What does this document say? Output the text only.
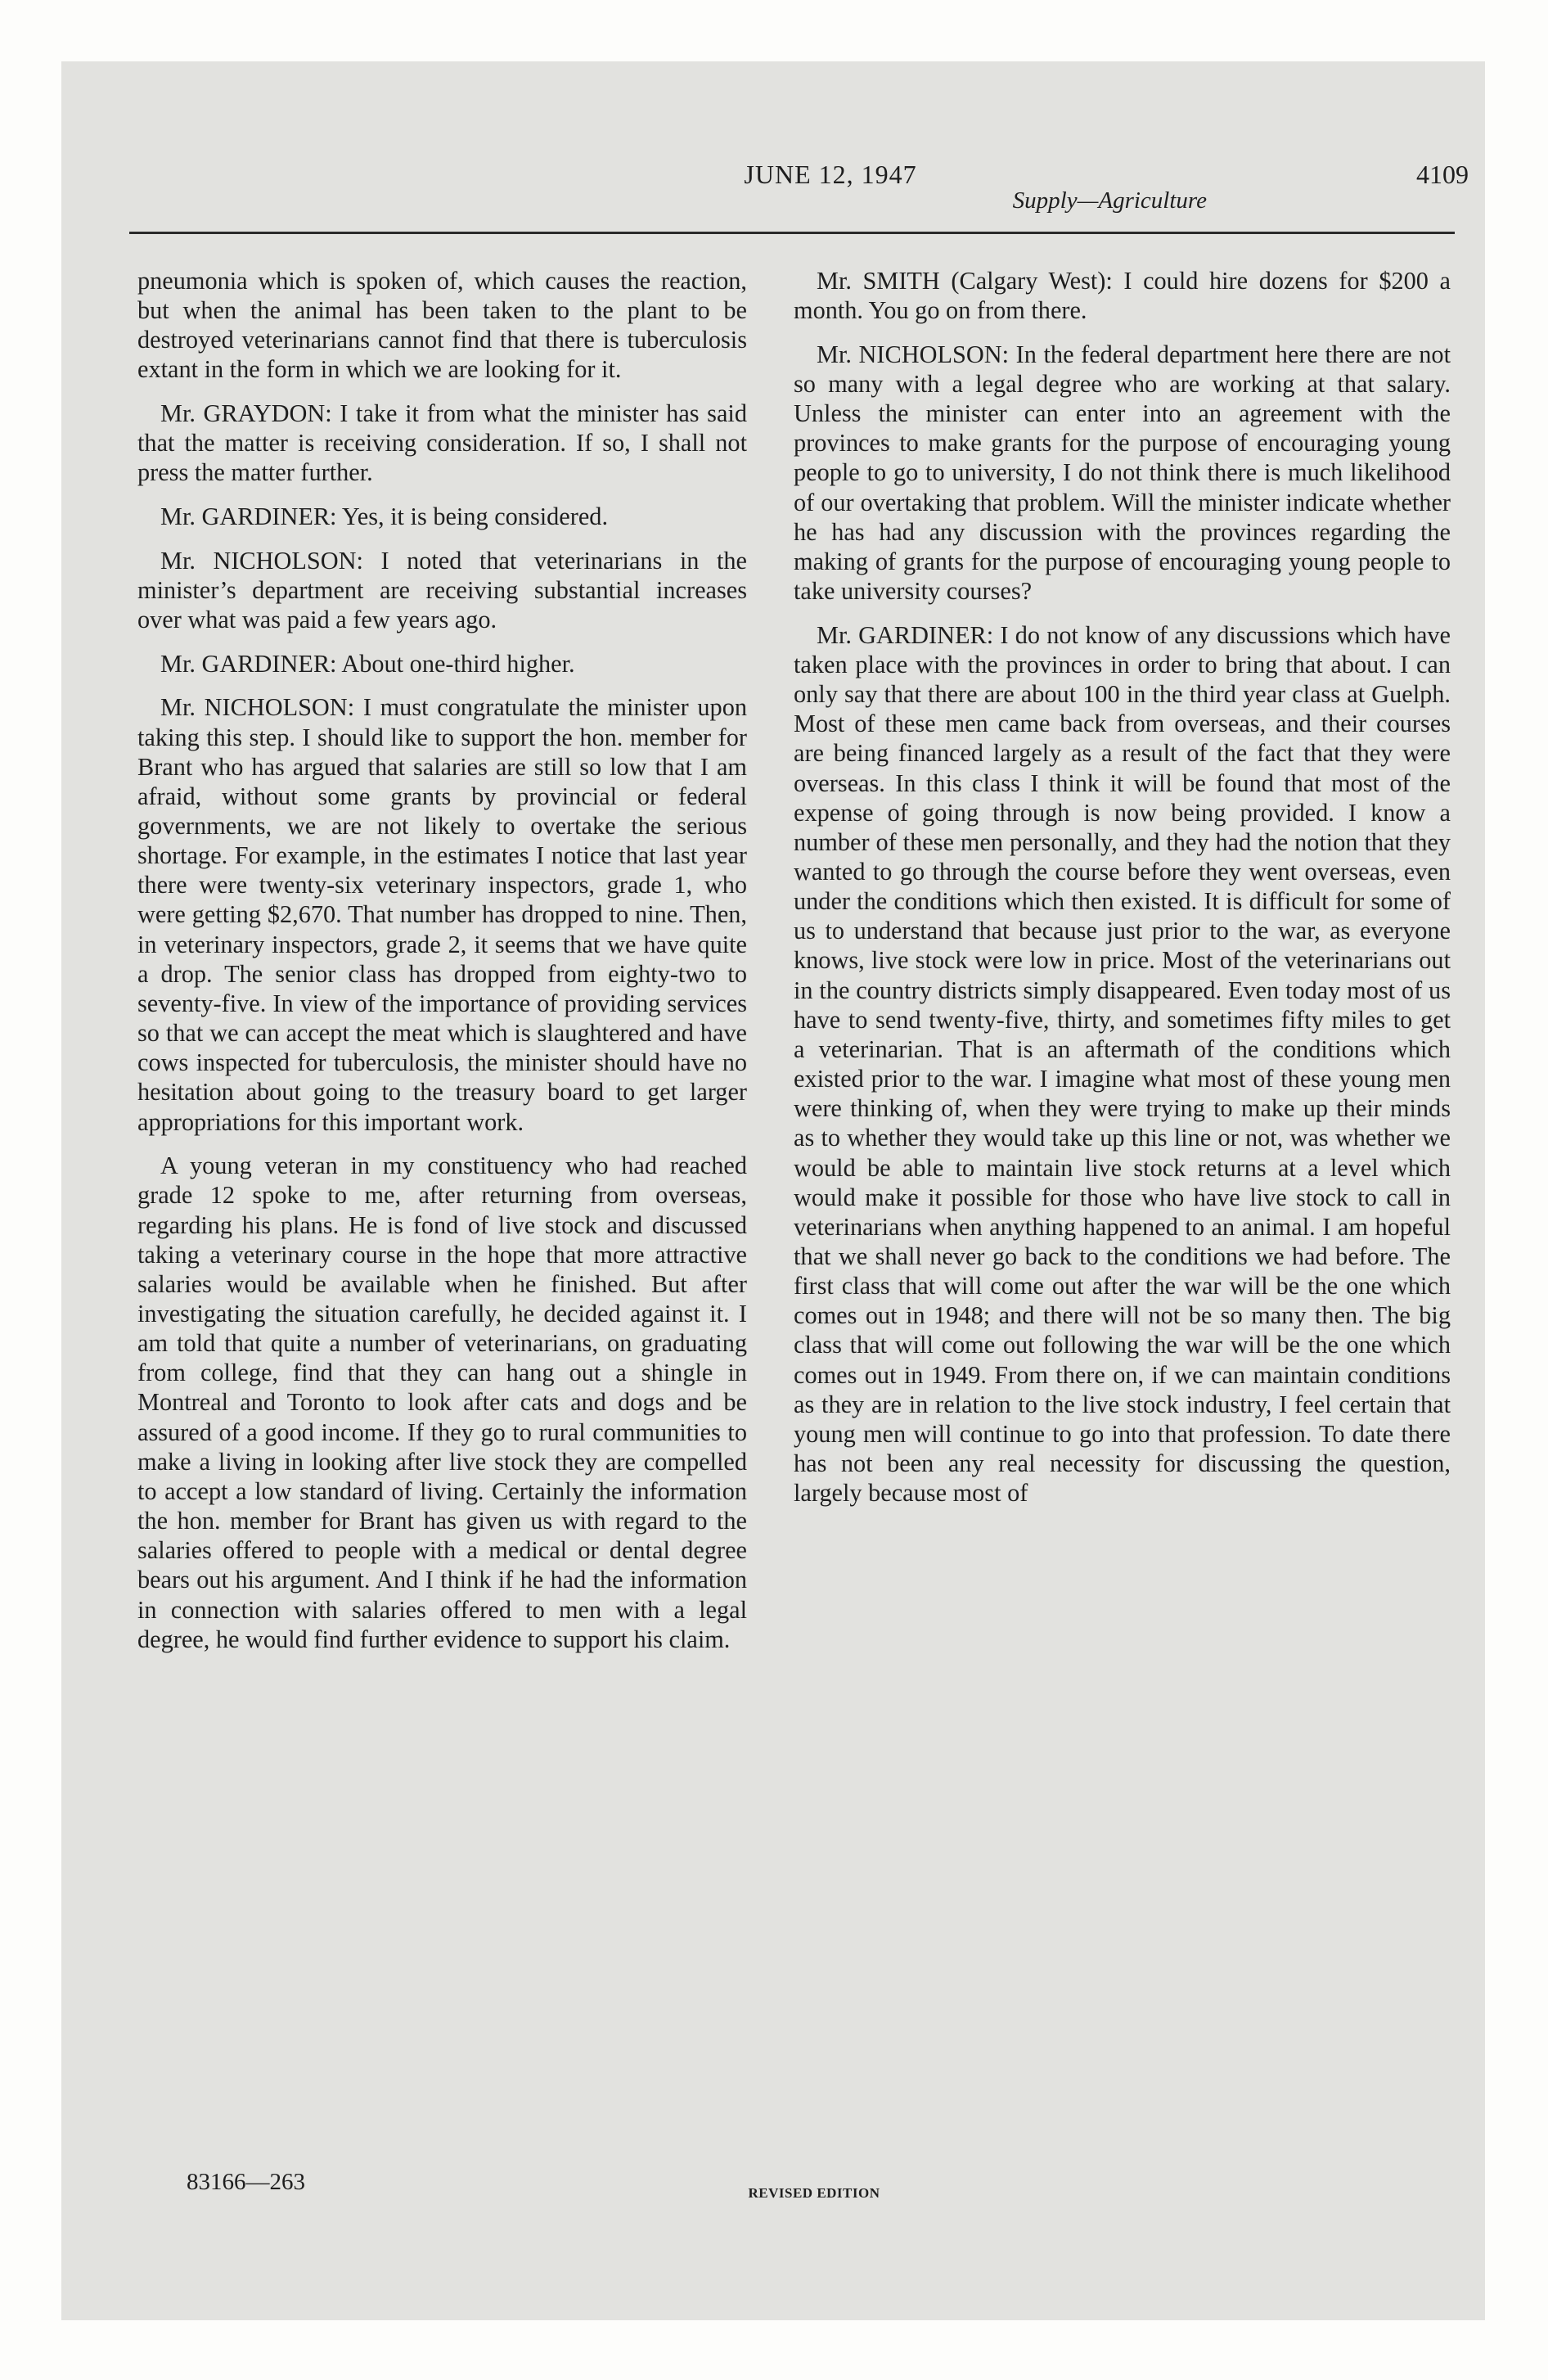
JUNE 12, 1947	4109
Supply—Agriculture

pneumonia which is spoken of, which causes the reaction, but when the animal has been taken to the plant to be destroyed veterinarians cannot find that there is tuberculosis extant in the form in which we are looking for it.

Mr. GRAYDON: I take it from what the minister has said that the matter is receiving consideration. If so, I shall not press the matter further.

Mr. GARDINER: Yes, it is being considered.

Mr. NICHOLSON: I noted that veterinarians in the minister’s department are receiving substantial increases over what was paid a few years ago.

Mr. GARDINER: About one-third higher.

Mr. NICHOLSON: I must congratulate the minister upon taking this step. I should like to support the hon. member for Brant who has argued that salaries are still so low that I am afraid, without some grants by provincial or federal governments, we are not likely to overtake the serious shortage. For example, in the estimates I notice that last year there were twenty-six veterinary inspectors, grade 1, who were getting $2,670. That number has dropped to nine. Then, in veterinary inspectors, grade 2, it seems that we have quite a drop. The senior class has dropped from eighty-two to seventy-five. In view of the importance of providing services so that we can accept the meat which is slaughtered and have cows inspected for tuberculosis, the minister should have no hesitation about going to the treasury board to get larger appropriations for this important work.

A young veteran in my constituency who had reached grade 12 spoke to me, after returning from overseas, regarding his plans. He is fond of live stock and discussed taking a veterinary course in the hope that more attractive salaries would be available when he finished. But after investigating the situation carefully, he decided against it. I am told that quite a number of veterinarians, on graduating from college, find that they can hang out a shingle in Montreal and Toronto to look after cats and dogs and be assured of a good income. If they go to rural communities to make a living in looking after live stock they are compelled to accept a low standard of living. Certainly the information the hon. member for Brant has given us with regard to the salaries offered to people with a medical or dental degree bears out his argument. And I think if he had the information in connection with salaries offered to men with a legal degree, he would find further evidence to support his claim.

Mr. SMITH (Calgary West): I could hire dozens for $200 a month. You go on from there.

Mr. NICHOLSON: In the federal department here there are not so many with a legal degree who are working at that salary. Unless the minister can enter into an agreement with the provinces to make grants for the purpose of encouraging young people to go to university, I do not think there is much likelihood of our overtaking that problem. Will the minister indicate whether he has had any discussion with the provinces regarding the making of grants for the purpose of encouraging young people to take university courses?

Mr. GARDINER: I do not know of any discussions which have taken place with the provinces in order to bring that about. I can only say that there are about 100 in the third year class at Guelph. Most of these men came back from overseas, and their courses are being financed largely as a result of the fact that they were overseas. In this class I think it will be found that most of the expense of going through is now being provided. I know a number of these men personally, and they had the notion that they wanted to go through the course before they went overseas, even under the conditions which then existed. It is difficult for some of us to understand that because just prior to the war, as everyone knows, live stock were low in price. Most of the veterinarians out in the country districts simply disappeared. Even today most of us have to send twenty-five, thirty, and sometimes fifty miles to get a veterinarian. That is an aftermath of the conditions which existed prior to the war. I imagine what most of these young men were thinking of, when they were trying to make up their minds as to whether they would take up this line or not, was whether we would be able to maintain live stock returns at a level which would make it possible for those who have live stock to call in veterinarians when anything happened to an animal. I am hopeful that we shall never go back to the conditions we had before. The first class that will come out after the war will be the one which comes out in 1948; and there will not be so many then. The big class that will come out following the war will be the one which comes out in 1949. From there on, if we can maintain conditions as they are in relation to the live stock industry, I feel certain that young men will continue to go into that profession. To date there has not been any real necessity for discussing the question, largely because most of

83166—263	REVISED EDITION
